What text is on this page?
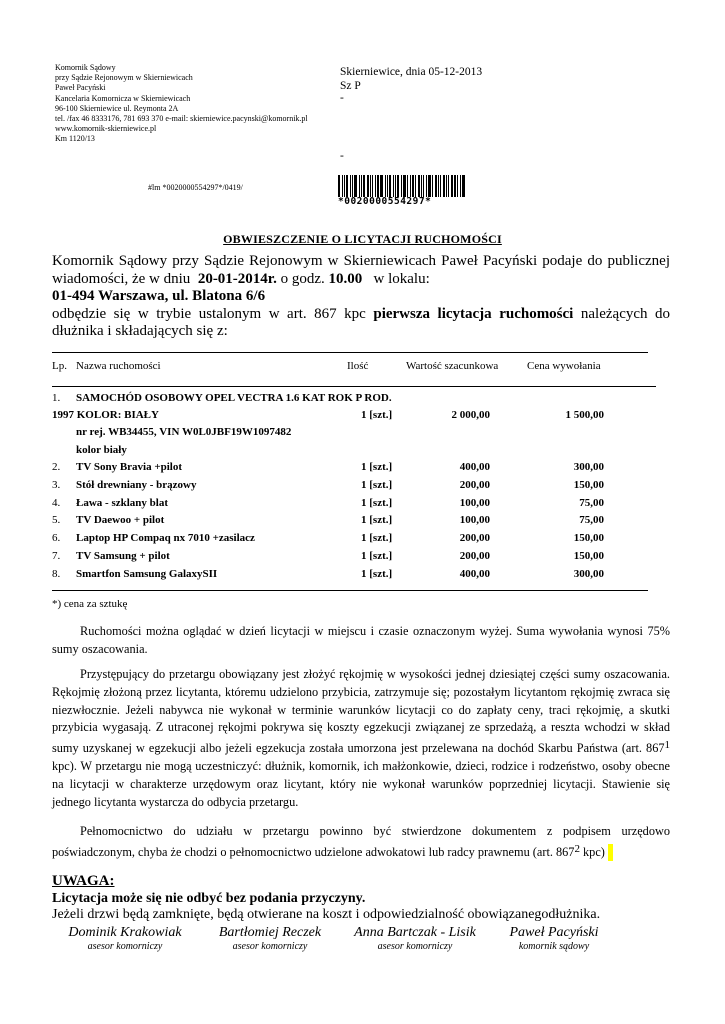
Komornik Sądowy
przy Sądzie Rejonowym w Skierniewicach
Paweł Pacyński
Kancelaria Komornicza w Skierniewicach
96-100 Skierniewice ul. Reymonta 2A
tel. /fax 46 8333176, 781 693 370 e-mail: skierniewice.pacynski@komornik.pl
www.komornik-skierniewice.pl
Km 1120/13
Skierniewice, dnia 05-12-2013
Sz P
-
-
#lm *0020000554297*/0419/
*0020000554297*
OBWIESZCZENIE O LICYTACJI RUCHOMOŚCI

Komornik Sądowy przy Sądzie Rejonowym w Skierniewicach Paweł Pacyński podaje do publicznej wiadomości, że w dniu 20-01-2014r. o godz. 10.00 w lokalu:

01-494 Warszawa, ul. Blatona 6/6

odbędzie się w trybie ustalonym w art. 867 kpc pierwsza licytacja ruchomości należących do dłużnika i składających się z:

Lp. Nazwa ruchomości	Ilość	Wartość szacunkowa	Cena wywołania
1. SAMOCHÓD OSOBOWY OPEL VECTRA 1.6 KAT ROK P ROD.
1997 KOLOR: BIAŁY	1 [szt.]	2 000,00	1 500,00
nr rej. WB34455, VIN W0L0JBF19W1097482
kolor biały
2. TV Sony Bravia +pilot	1 [szt.]	400,00	300,00
3. Stół drewniany - brązowy	1 [szt.]	200,00	150,00
4. Ława - szklany blat	1 [szt.]	100,00	75,00
5. TV Daewoo + pilot	1 [szt.]	100,00	75,00
6. Laptop HP Compaq nx 7010 +zasilacz	1 [szt.]	200,00	150,00
7. TV Samsung + pilot	1 [szt.]	200,00	150,00
8. Smartfon Samsung GalaxySII	1 [szt.]	400,00	300,00
*) cena za sztukę

Ruchomości można oglądać w dzień licytacji w miejscu i czasie oznaczonym wyżej. Suma wywołania wynosi 75% sumy oszacowania.

Przystępujący do przetargu obowiązany jest złożyć rękojmię w wysokości jednej dziesiątej części sumy oszacowania. Rękojmię złożoną przez licytanta, któremu udzielono przybicia, zatrzymuje się; pozostałym licytantom rękojmię zwraca się niezwłocznie. Jeżeli nabywca nie wykonał w terminie warunków licytacji co do zapłaty ceny, traci rękojmię, a skutki przybicia wygasają. Z utraconej rękojmi pokrywa się koszty egzekucji związanej ze sprzedażą, a reszta wchodzi w skład sumy uzyskanej w egzekucji albo jeżeli egzekucja została umorzona jest przelewana na dochód Skarbu Państwa (art. $867^1$ kpc). W przetargu nie mogą uczestniczyć: dłużnik, komornik, ich małżonkowie, dzieci, rodzice i rodzeństwo, osoby obecne na licytacji w charakterze urzędowym oraz licytant, który nie wykonał warunków poprzedniej licytacji. Stawienie się jednego licytanta wystarcza do odbycia przetargu.

Pełnomocnictwo do udziału w przetargu powinno być stwierdzone dokumentem z podpisem urzędowo poświadczonym, chyba że chodzi o pełnomocnictwo udzielone adwokatowi lub radcy prawnemu (art. $867^2$ kpc)

UWAGA:
Licytacja może się nie odbyć bez podania przyczyny.
Jeżeli drzwi będą zamknięte, będą otwierane na koszt i odpowiedzialność obowiązanegodłużnika.
Dominik Krakowiak
asesor komorniczy
Bartłomiej Reczek
asesor komorniczy
Anna Bartczak - Lisik
asesor komorniczy
Paweł Pacyński
komornik sądowy
